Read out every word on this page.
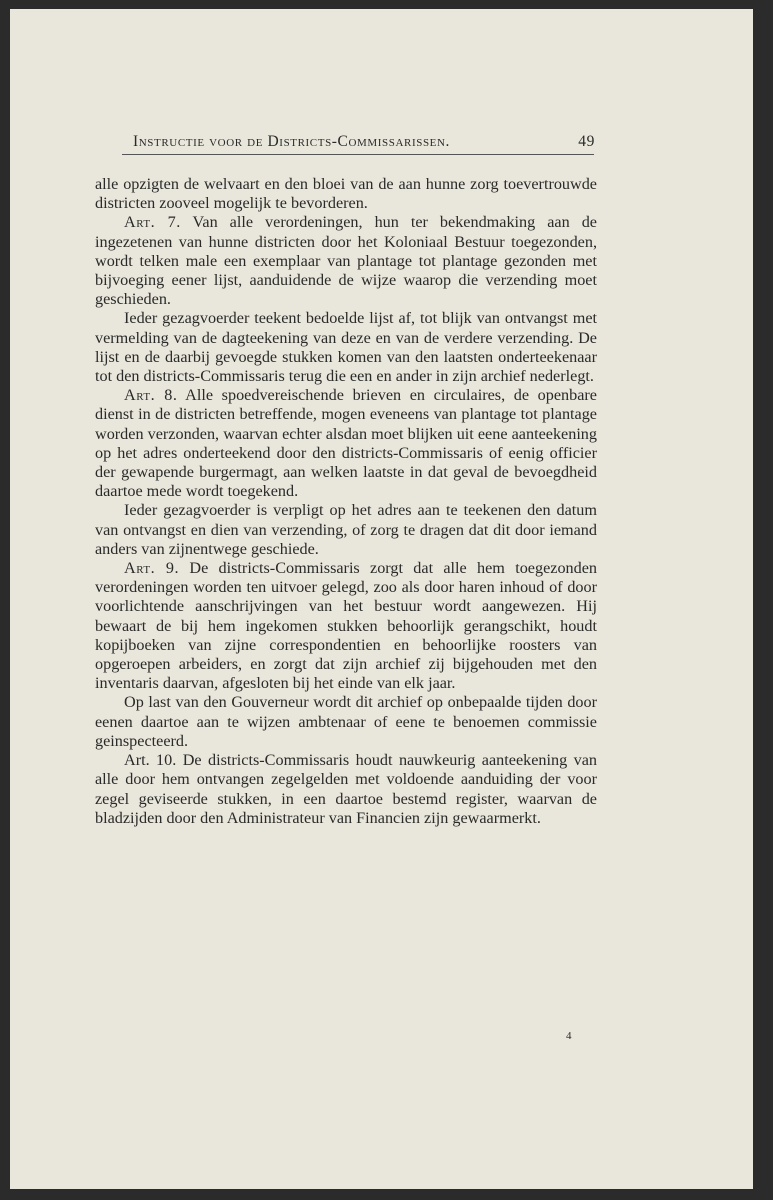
Instructie voor de Districts-Commissarissen.	49

alle opzigten de welvaart en den bloei van de aan hunne zorg toevertrouwde districten zooveel mogelijk te bevorderen.

Art. 7. Van alle verordeningen, hun ter bekendmaking aan de ingezetenen van hunne districten door het Koloniaal Bestuur toegezonden, wordt telken male een exemplaar van plantage tot plantage gezonden met bijvoeging eener lijst, aanduidende de wijze waarop die verzending moet geschieden.

Ieder gezagvoerder teekent bedoelde lijst af, tot blijk van ontvangst met vermelding van de dagteekening van deze en van de verdere verzending. De lijst en de daarbij gevoegde stukken komen van den laatsten onderteekenaar tot den districts-Commissaris terug die een en ander in zijn archief nederlegt.

Art. 8. Alle spoedvereischende brieven en circulaires, de openbare dienst in de districten betreffende, mogen eveneens van plantage tot plantage worden verzonden, waarvan echter alsdan moet blijken uit eene aanteekening op het adres onderteekend door den districts-Commissaris of eenig officier der gewapende burgermagt, aan welken laatste in dat geval de bevoegdheid daartoe mede wordt toegekend.

Ieder gezagvoerder is verpligt op het adres aan te teekenen den datum van ontvangst en dien van verzending, of zorg te dragen dat dit door iemand anders van zijnentwege geschiede.

Art. 9. De districts-Commissaris zorgt dat alle hem toegezonden verordeningen worden ten uitvoer gelegd, zoo als door haren inhoud of door voorlichtende aanschrijvingen van het bestuur wordt aangewezen. Hij bewaart de bij hem ingekomen stukken behoorlijk gerangschikt, houdt kopijboeken van zijne correspondentien en behoorlijke roosters van opgeroepen arbeiders, en zorgt dat zijn archief zij bijgehouden met den inventaris daarvan, afgesloten bij het einde van elk jaar.

Op last van den Gouverneur wordt dit archief op onbepaalde tijden door eenen daartoe aan te wijzen ambtenaar of eene te benoemen commissie geinspecteerd.

Art. 10. De districts-Commissaris houdt nauwkeurig aanteekening van alle door hem ontvangen zegelgelden met voldoende aanduiding der voor zegel geviseerde stukken, in een daartoe bestemd register, waarvan de bladzijden door den Administrateur van Financien zijn gewaarmerkt.

4
